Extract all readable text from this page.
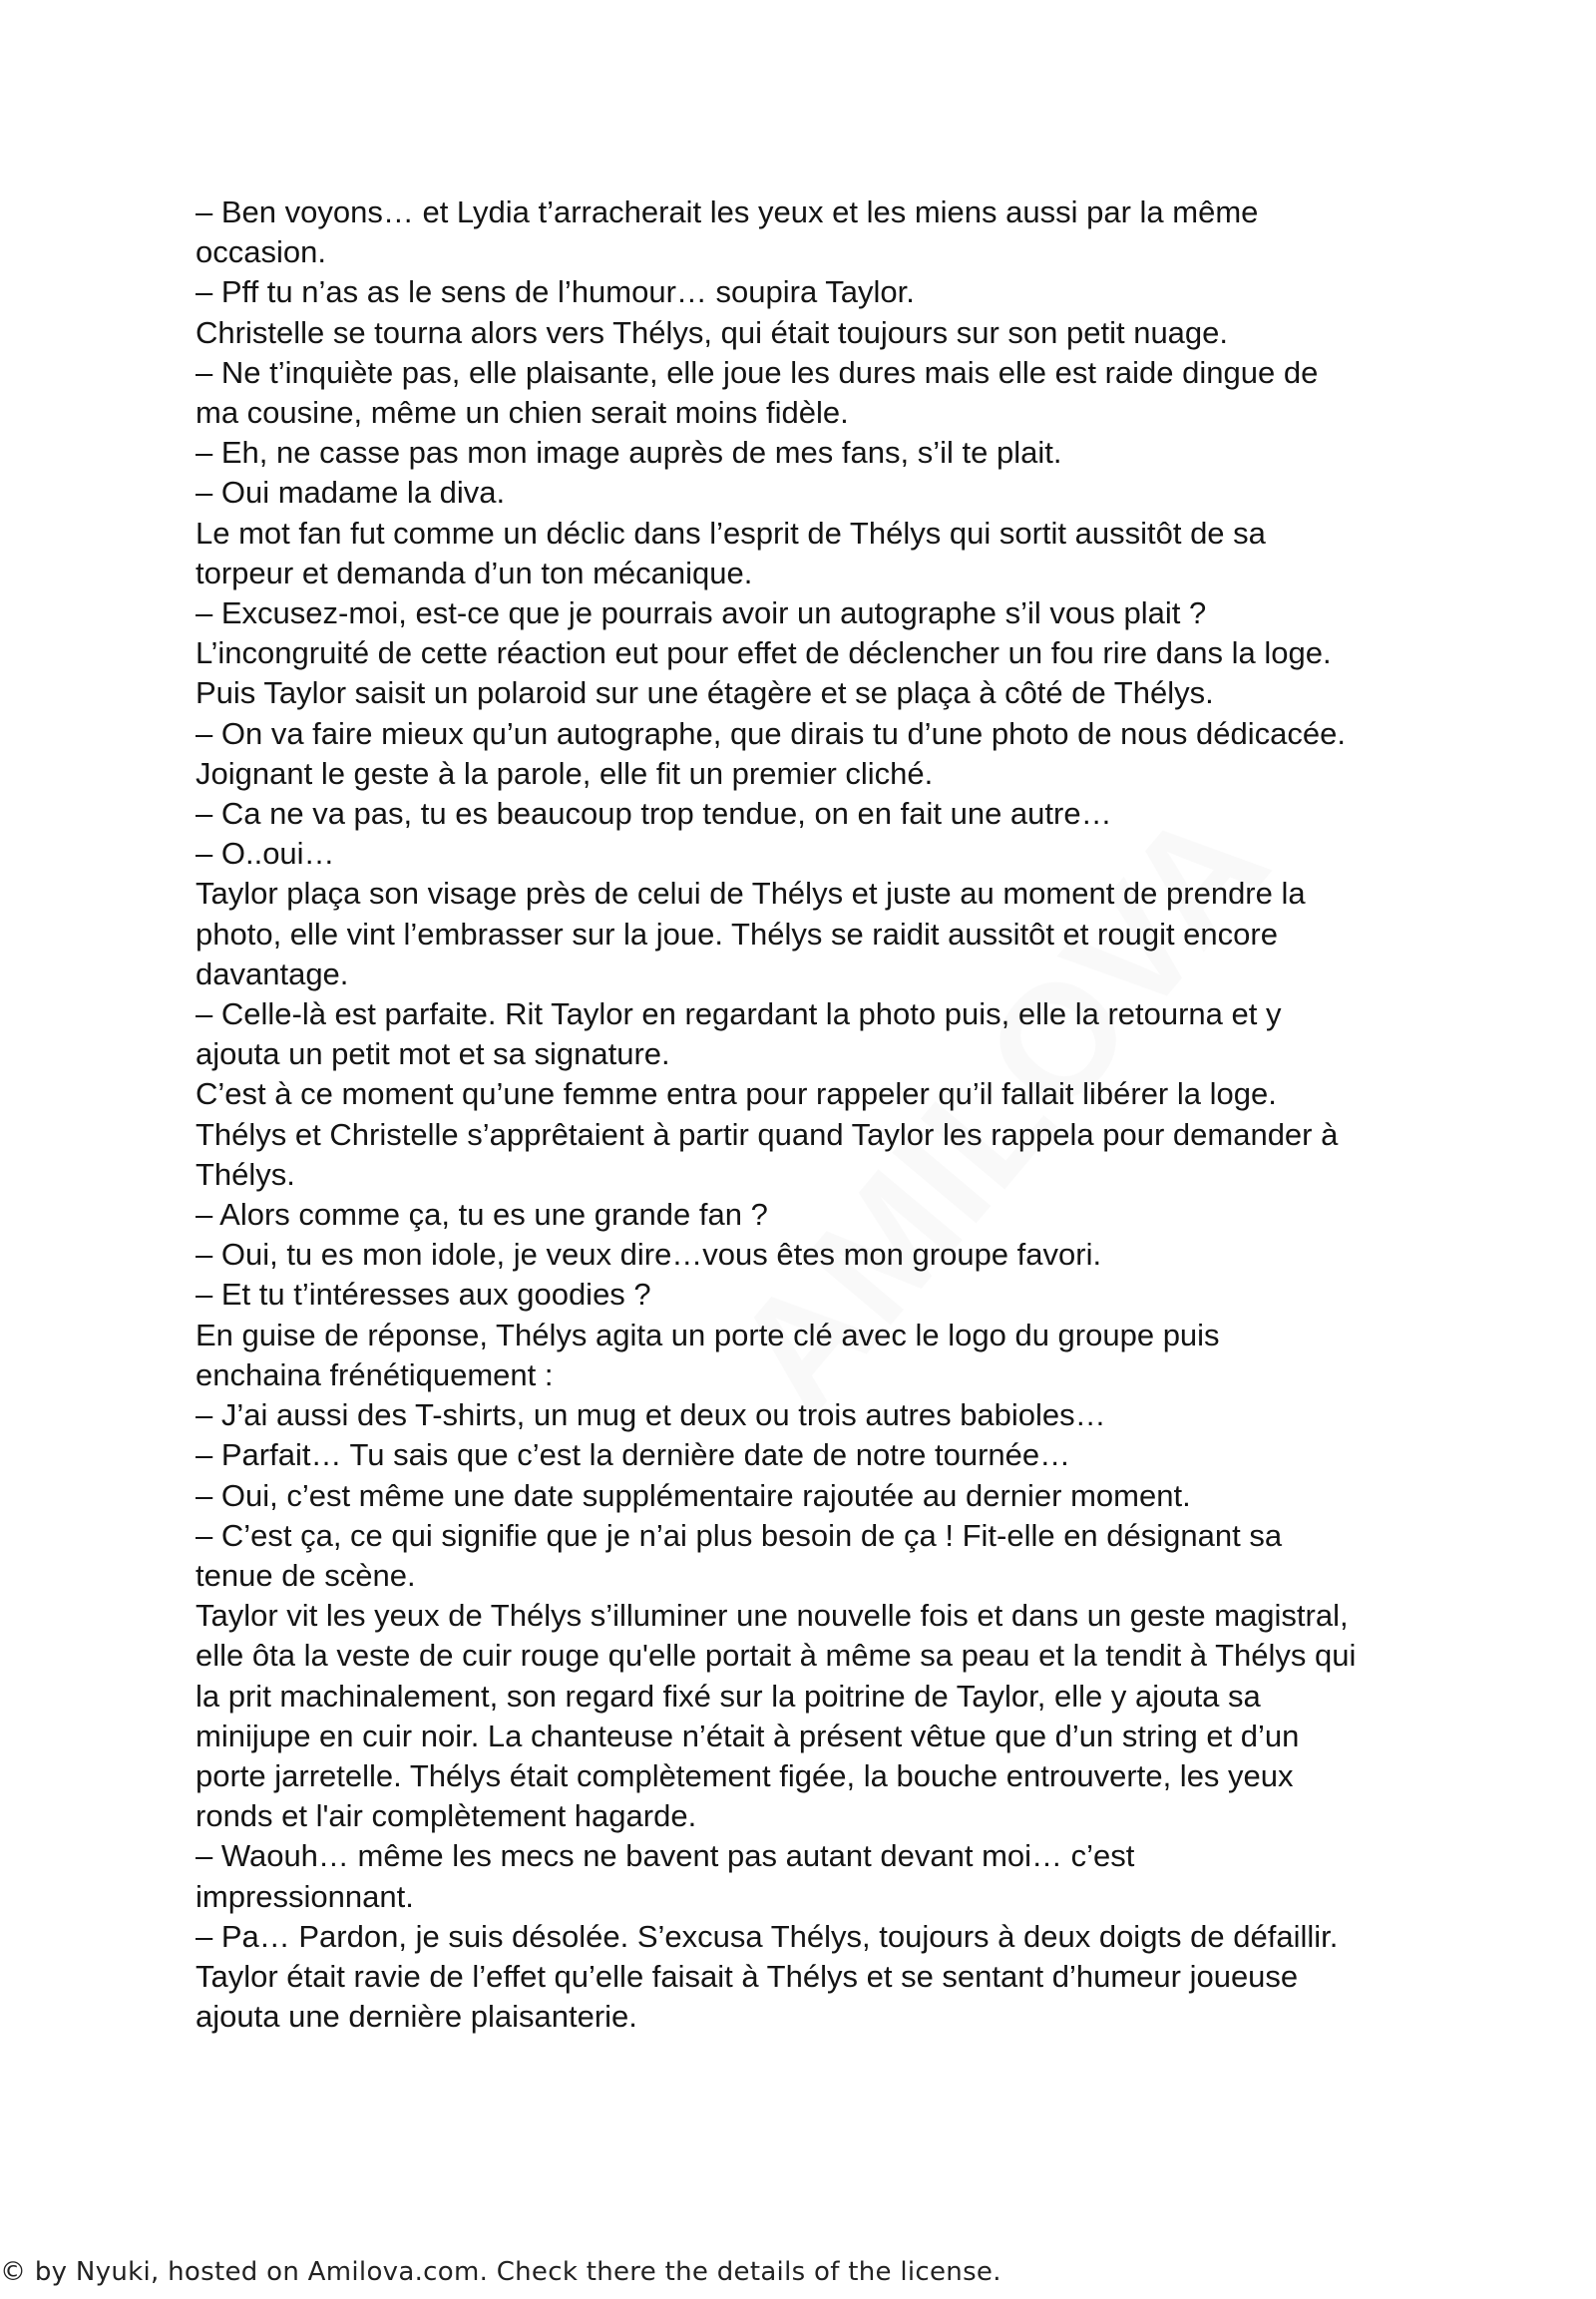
– Ben voyons… et Lydia t’arracherait les yeux et les miens aussi par la même

occasion.

– Pff tu n’as as le sens de l’humour… soupira Taylor.

Christelle se tourna alors vers Thélys, qui était toujours sur son petit nuage.

– Ne t’inquiète pas, elle plaisante, elle joue les dures mais elle est raide dingue de

ma cousine, même un chien serait moins fidèle.

– Eh, ne casse pas mon image auprès de mes fans, s’il te plait.

– Oui madame la diva.

Le mot fan fut comme un déclic dans l’esprit de Thélys qui sortit aussitôt de sa

torpeur et demanda d’un ton mécanique.

– Excusez-moi, est-ce que je pourrais avoir un autographe s’il vous plait ?

L’incongruité de cette réaction eut pour effet de déclencher un fou rire dans la loge.

Puis Taylor saisit un polaroid sur une étagère et se plaça à côté de Thélys.

– On va faire mieux qu’un autographe, que dirais tu d’une photo de nous dédicacée.

Joignant le geste à la parole, elle fit un premier cliché.

– Ca ne va pas, tu es beaucoup trop tendue, on en fait une autre…

– O..oui…

Taylor plaça son visage près de celui de Thélys et juste au moment de prendre la

photo, elle vint l’embrasser sur la joue. Thélys se raidit aussitôt et rougit encore

davantage.

– Celle-là est parfaite. Rit Taylor en regardant la photo puis, elle la retourna et y

ajouta un petit mot et sa signature.

C’est à ce moment qu’une femme entra pour rappeler qu’il fallait libérer la loge.

Thélys et Christelle s’apprêtaient à partir quand Taylor les rappela pour demander à

Thélys.

– Alors comme ça, tu es une grande fan ?

– Oui, tu es mon idole, je veux dire…vous êtes mon groupe favori.

– Et tu t’intéresses aux goodies ?

En guise de réponse, Thélys agita un porte clé avec le logo du groupe puis

enchaina frénétiquement :

– J’ai aussi des T-shirts, un mug et deux ou trois autres babioles…

– Parfait… Tu sais que c’est la dernière date de notre tournée…

– Oui, c’est même une date supplémentaire rajoutée au dernier moment.

– C’est ça, ce qui signifie que je n’ai plus besoin de ça ! Fit-elle en désignant sa

tenue de scène.

Taylor vit les yeux de Thélys s’illuminer une nouvelle fois et dans un geste magistral,

elle ôta la veste de cuir rouge qu'elle portait à même sa peau et la tendit à Thélys qui

la prit machinalement, son regard fixé sur la poitrine de Taylor, elle y ajouta sa

minijupe en cuir noir. La chanteuse n’était à présent vêtue que d’un string et d’un

porte jarretelle. Thélys était complètement figée, la bouche entrouverte, les yeux

ronds et l'air complètement hagarde.

– Waouh… même les mecs ne bavent pas autant devant moi… c’est

impressionnant.

– Pa… Pardon, je suis désolée. S’excusa Thélys, toujours à deux doigts de défaillir.

Taylor était ravie de l’effet qu’elle faisait à Thélys et se sentant d’humeur joueuse

ajouta une dernière plaisanterie.

© by Nyuki, hosted on Amilova.com. Check there the details of the license.
